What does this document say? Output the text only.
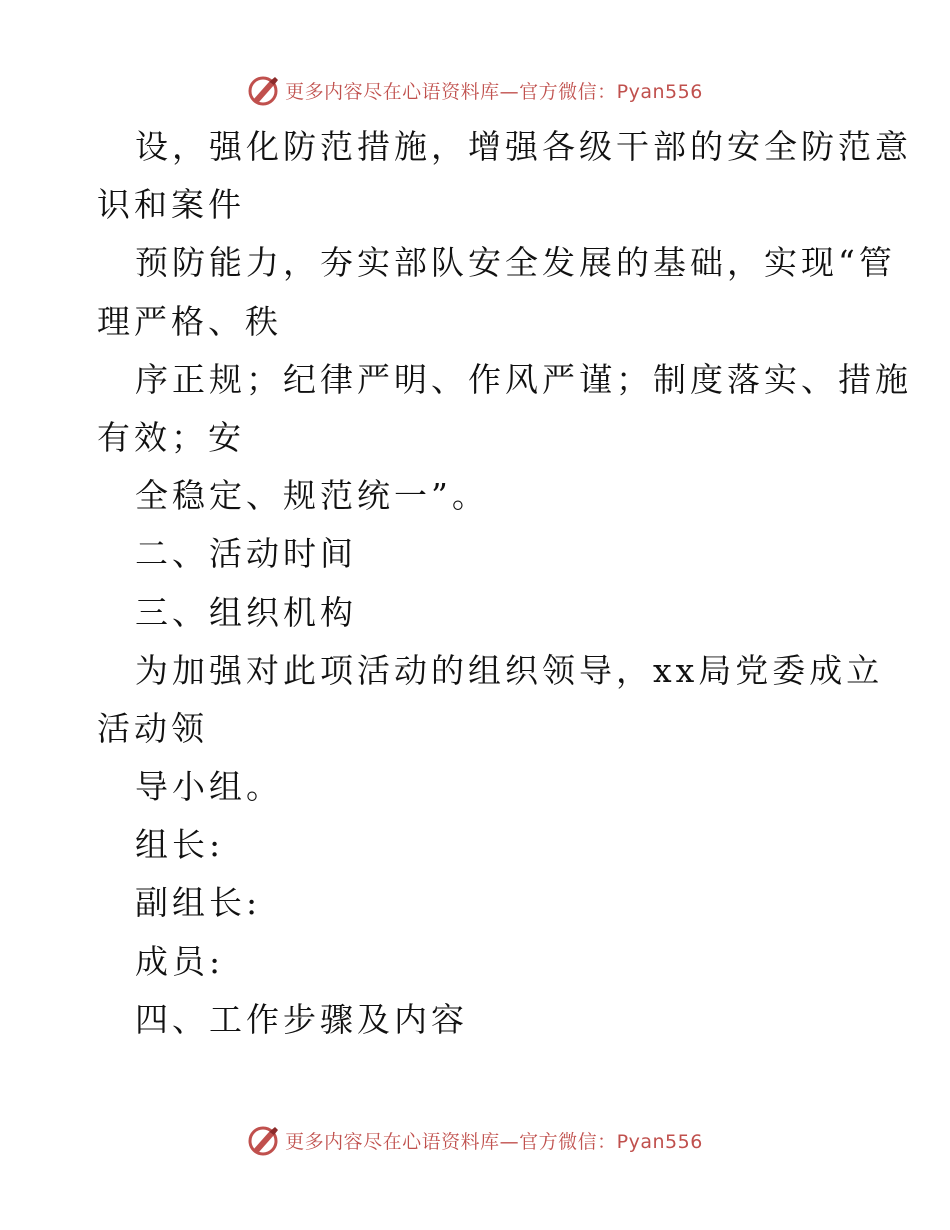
更多内容尽在心语资料库—官方微信：Pyan556
设，强化防范措施，增强各级干部的安全防范意
识和案件
预防能力，夯实部队安全发展的基础，实现“管
理严格、秩
序正规；纪律严明、作风严谨；制度落实、措施
有效；安
全稳定、规范统一”。
二、活动时间
三、组织机构
为加强对此项活动的组织领导，xx局党委成立
活动领
导小组。
组长:
副组长:
成员:
四、工作步骤及内容
更多内容尽在心语资料库—官方微信：Pyan556
